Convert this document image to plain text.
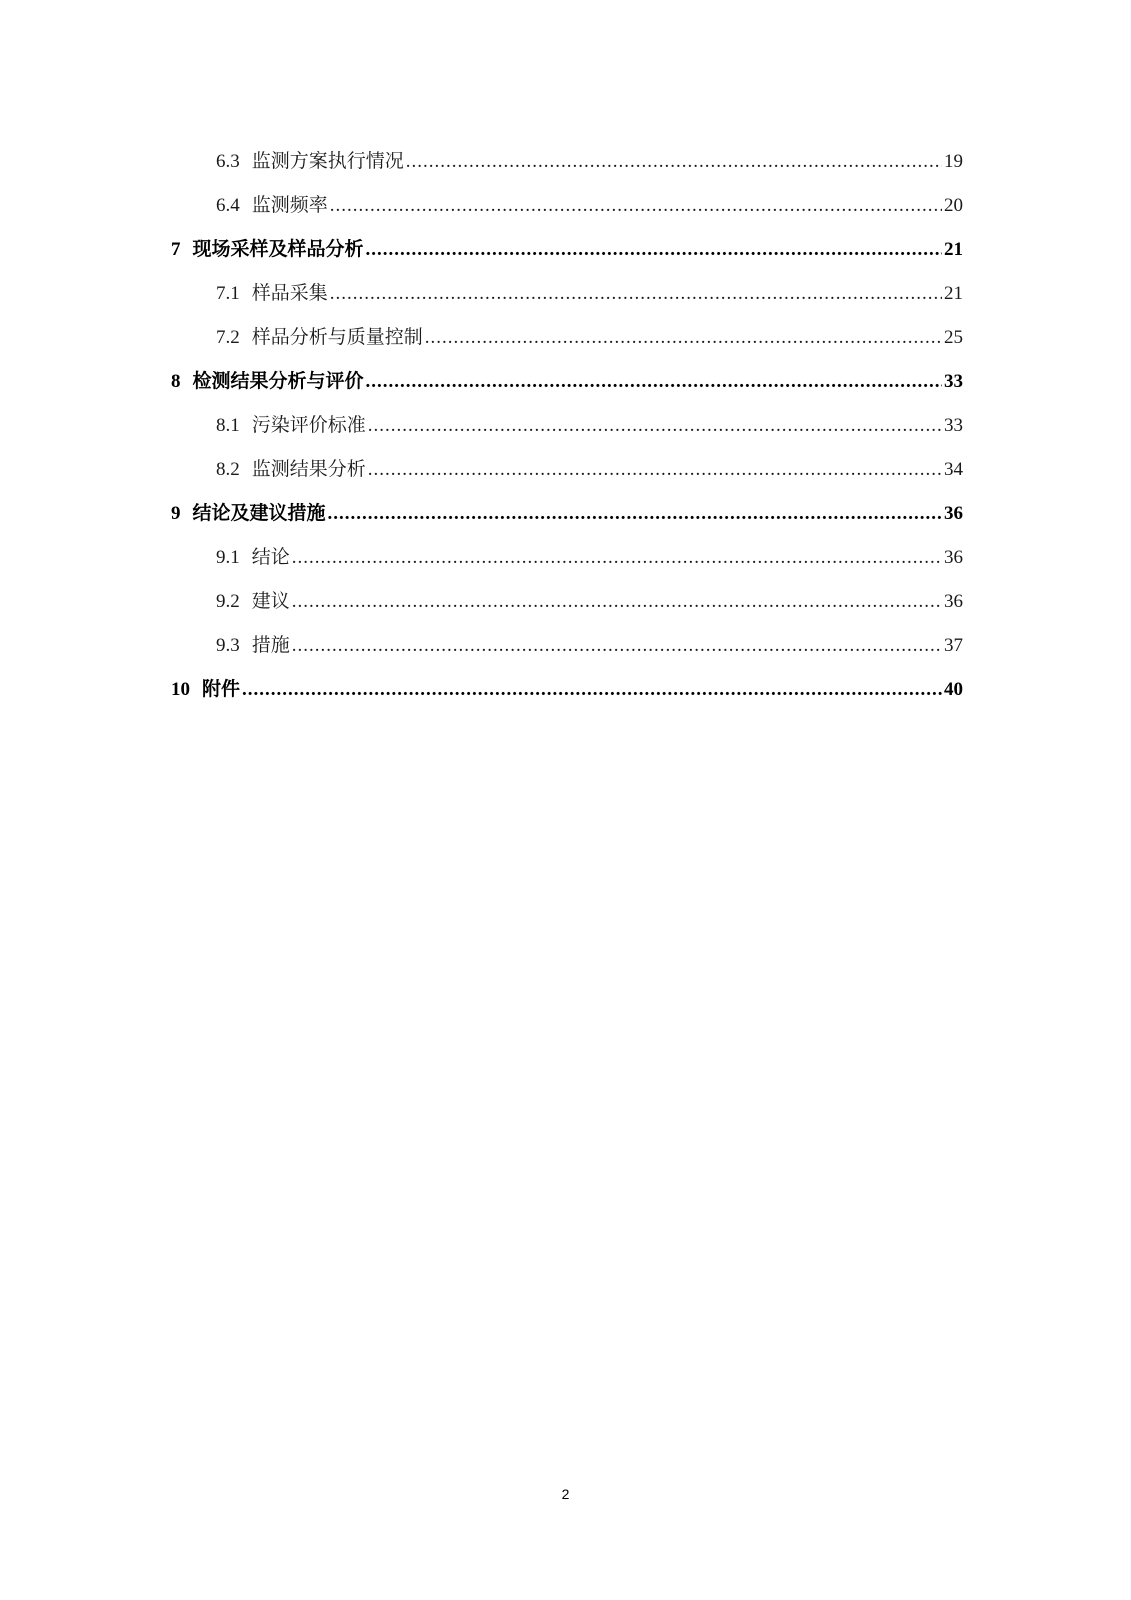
6.3 监测方案执行情况 .....	19
6.4 监测频率 .....	20
7 现场采样及样品分析 .....	21
7.1 样品采集 .....	21
7.2 样品分析与质量控制 .....	25
8 检测结果分析与评价 .....	33
8.1 污染评价标准 .....	33
8.2 监测结果分析 .....	34
9 结论及建议措施 .....	36
9.1 结论 .....	36
9.2 建议 .....	36
9.3 措施 .....	37
10 附件 .....	40
2
